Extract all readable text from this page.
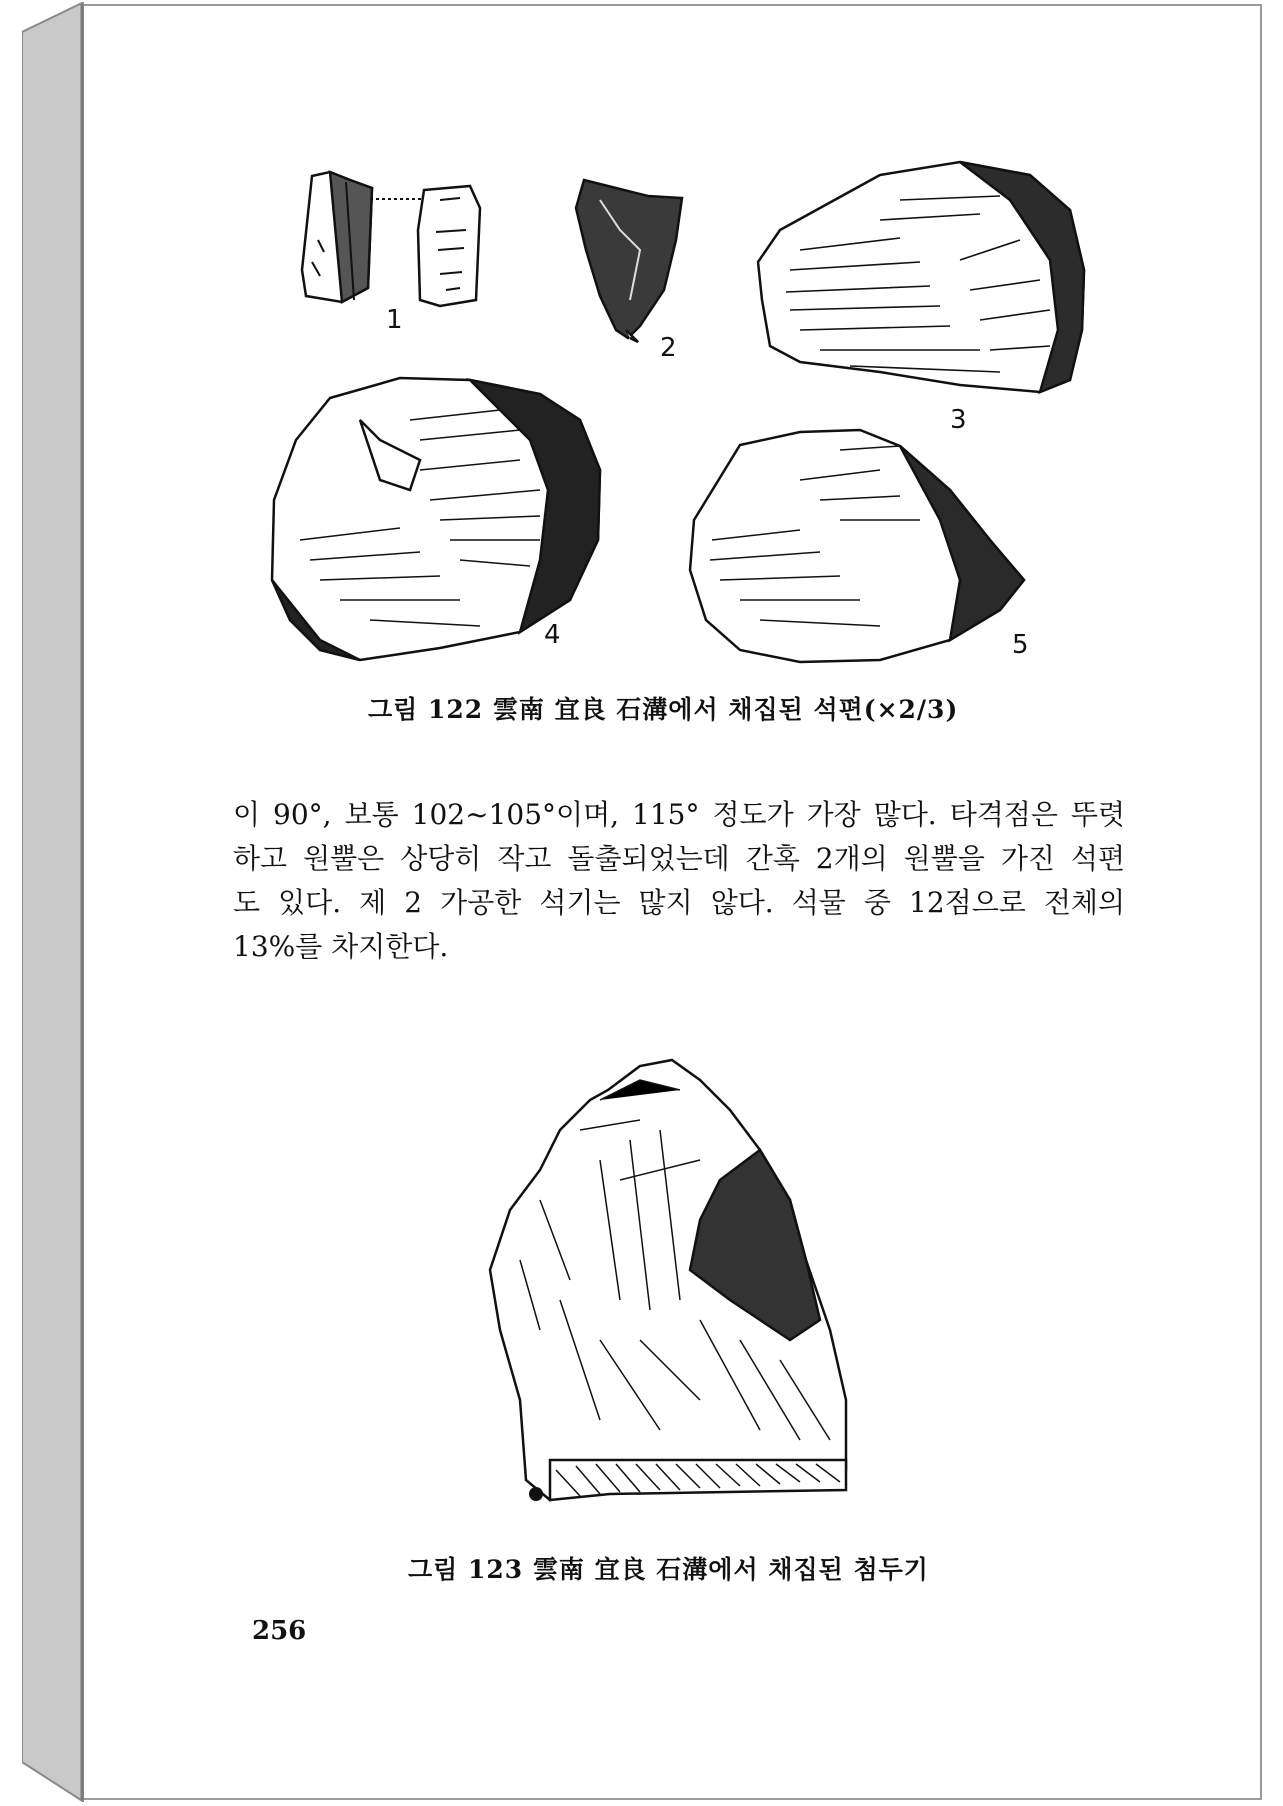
1
2
3
4	5
그림 122 雲南 宜良 石溝에서 채집된 석편(×2/3)
이 90°, 보통 102~105°이며, 115° 정도가 가장 많다. 타격점은 뚜렷
하고 원뿔은 상당히 작고 돌출되었는데 간혹 2개의 원뿔을 가진 석편
도 있다. 제 2 가공한 석기는 많지 않다. 석물 중 12점으로 전체의
13%를 차지한다.
그림 123 雲南 宜良 石溝에서 채집된 첨두기
256
